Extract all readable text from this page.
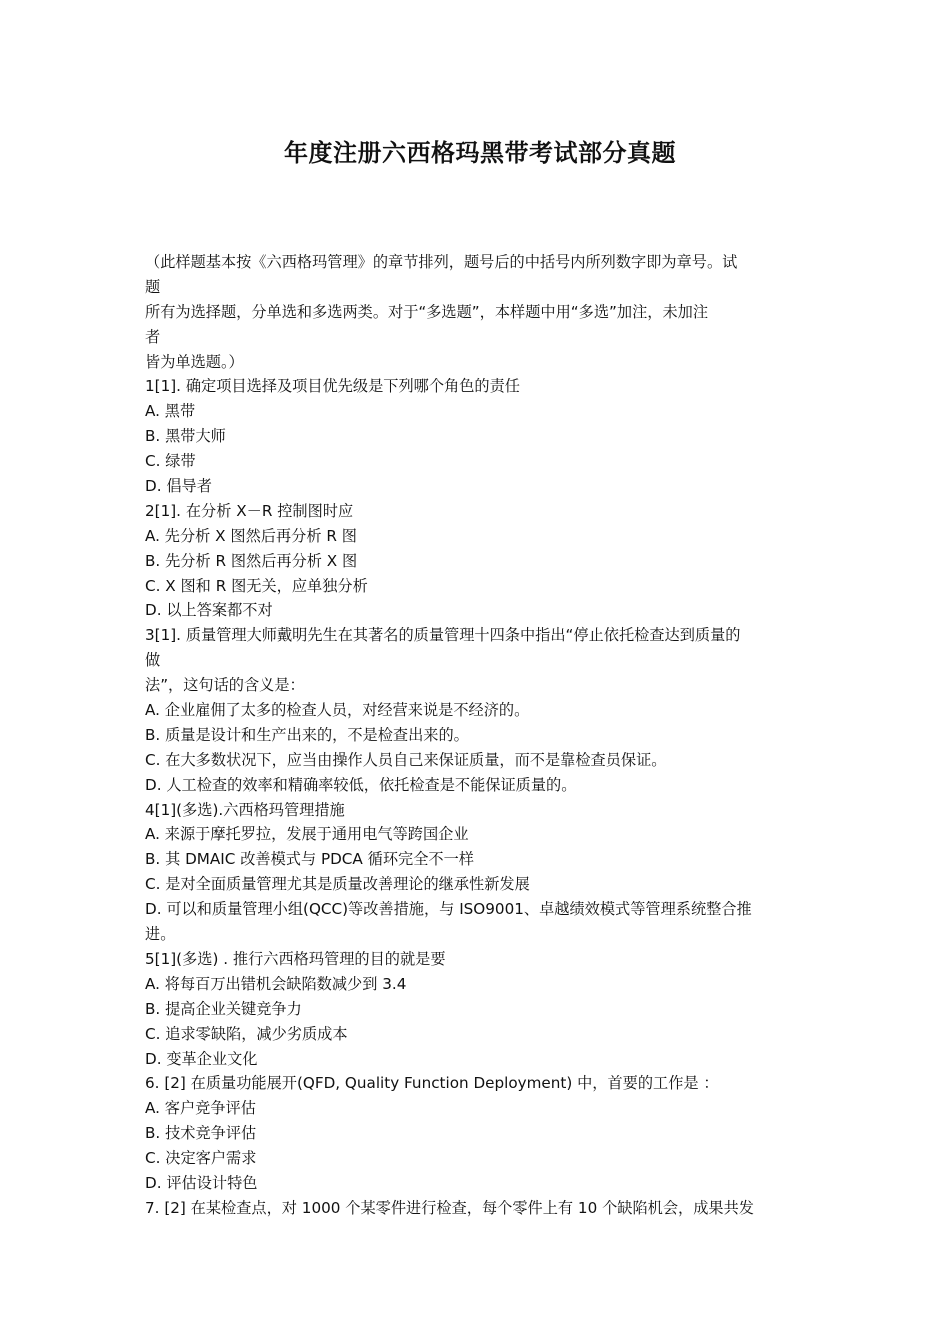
年度注册六西格玛黑带考试部分真题
（此样题基本按《六西格玛管理》的章节排列，题号后的中括号内所列数字即为章号。试
题
所有为选择题，分单选和多选两类。对于“多选题”，本样题中用“多选”加注，未加注
者
皆为单选题。）
1[1]. 确定项目选择及项目优先级是下列哪个角色的责任
A. 黑带
B. 黑带大师
C. 绿带
D. 倡导者
2[1]. 在分析 X－R 控制图时应
A. 先分析 X 图然后再分析 R 图
B. 先分析 R 图然后再分析 X 图
C. X 图和 R 图无关，应单独分析
D. 以上答案都不对
3[1]. 质量管理大师戴明先生在其著名的质量管理十四条中指出“停止依托检查达到质量的
做
法”，这句话的含义是：
A. 企业雇佣了太多的检查人员，对经营来说是不经济的。
B. 质量是设计和生产出来的，不是检查出来的。
C. 在大多数状况下，应当由操作人员自己来保证质量，而不是靠检查员保证。
D. 人工检查的效率和精确率较低，依托检查是不能保证质量的。
4[1](多选).六西格玛管理措施
A. 来源于摩托罗拉，发展于通用电气等跨国企业
B. 其 DMAIC 改善模式与 PDCA 循环完全不一样
C. 是对全面质量管理尤其是质量改善理论的继承性新发展
D. 可以和质量管理小组(QCC)等改善措施，与 ISO9001、卓越绩效模式等管理系统整合推
进。
5[1](多选) . 推行六西格玛管理的目的就是要
A. 将每百万出错机会缺陷数减少到 3.4
B. 提高企业关键竞争力
C. 追求零缺陷，减少劣质成本
D. 变革企业文化
6. [2] 在质量功能展开(QFD, Quality Function Deployment) 中，首要的工作是 ：
A. 客户竞争评估
B. 技术竞争评估
C. 决定客户需求
D. 评估设计特色
7. [2] 在某检查点，对 1000 个某零件进行检查，每个零件上有 10 个缺陷机会，成果共发
